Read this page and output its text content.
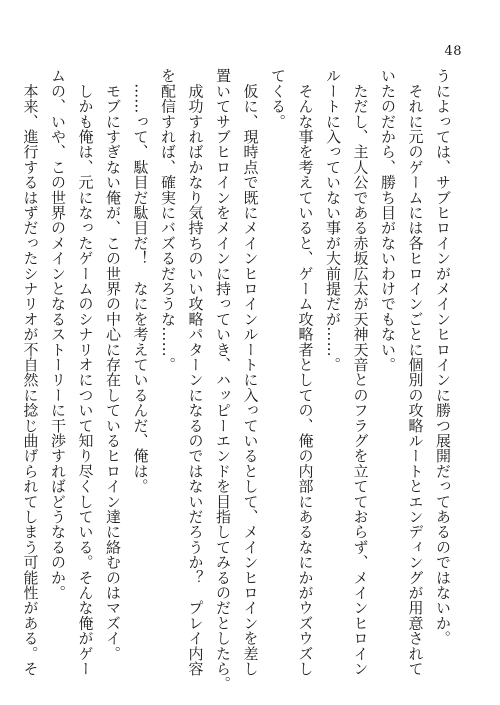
48
うによっては、サブヒロインがメインヒロインに勝つ展開だってあるのではないか。
　それに元のゲームには各ヒロインごとに個別の攻略ルートとエンディングが用意されて
いたのだから、勝ち目がないわけでもない。
　ただし、主人公である赤坂広太が天神天音とのフラグを立てておらず、メインヒロイン
ルートに入っていない事が大前提だが……。
　そんな事を考えていると、ゲーム攻略者としての、俺の内部にあるなにかがウズウズし
てくる。
　仮に、現時点で既にメインヒロインルートに入っているとして、メインヒロインを差し
置いてサブヒロインをメインに持っていき、ハッピーエンドを目指してみるのだとしたら。
　成功すればかなり気持ちのいい攻略パターンになるのではないだろうか？　プレイ内容
を配信すれば、確実にバズるだろうな……。
　……って、駄目だ駄目だ！　なにを考えているんだ、俺は。
　モブにすぎない俺が、この世界の中心に存在しているヒロイン達に絡むのはマズイ。
　しかも俺は、元になったゲームのシナリオについて知り尽くしている。そんな俺がゲー
ムの、いや、この世界のメインとなるストーリーに干渉すればどうなるのか。
　本来、進行するはずだったシナリオが不自然に捻じ曲げられてしまう可能性がある。そ
